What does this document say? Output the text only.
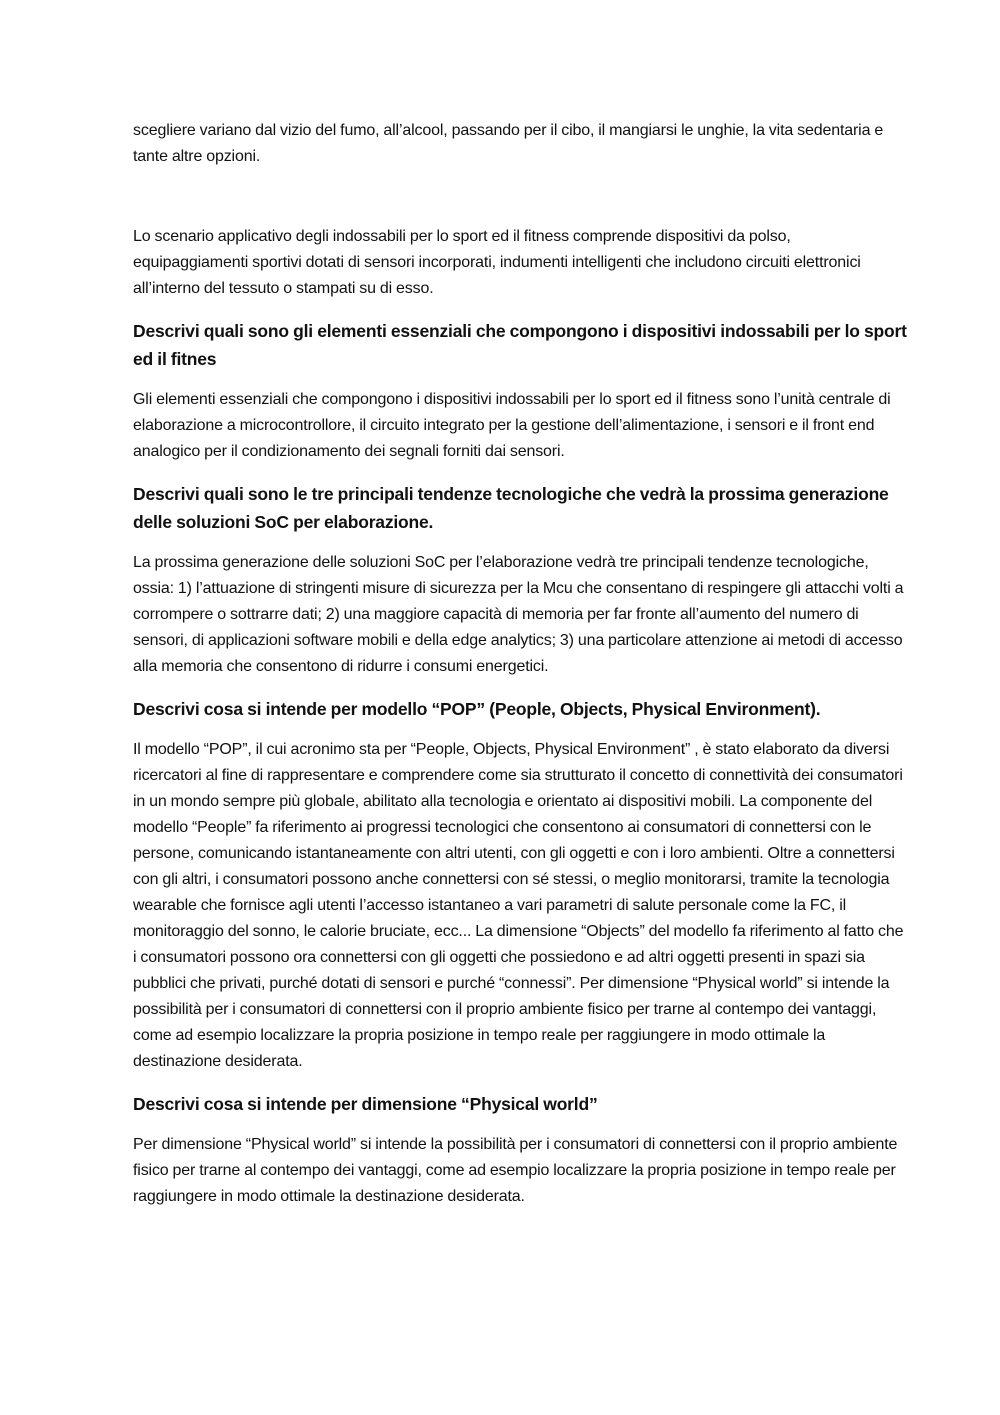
scegliere variano dal vizio del fumo, all’alcool, passando per il cibo, il mangiarsi le unghie, la vita sedentaria e tante altre opzioni.

Lo scenario applicativo degli indossabili per lo sport ed il fitness comprende dispositivi da polso, equipaggiamenti sportivi dotati di sensori incorporati, indumenti intelligenti che includono circuiti elettronici all’interno del tessuto o stampati su di esso.

Descrivi quali sono gli elementi essenziali che compongono i dispositivi indossabili per lo sport ed il fitnes

Gli elementi essenziali che compongono i dispositivi indossabili per lo sport ed il fitness sono l’unità centrale di elaborazione a microcontrollore, il circuito integrato per la gestione dell’alimentazione, i sensori e il front end analogico per il condizionamento dei segnali forniti dai sensori.

Descrivi quali sono le tre principali tendenze tecnologiche che vedrà la prossima generazione delle soluzioni SoC per elaborazione.

La prossima generazione delle soluzioni SoC per l’elaborazione vedrà tre principali tendenze tecnologiche, ossia: 1) l’attuazione di stringenti misure di sicurezza per la Mcu che consentano di respingere gli attacchi volti a corrompere o sottrarre dati; 2) una maggiore capacità di memoria per far fronte all’aumento del numero di sensori, di applicazioni software mobili e della edge analytics; 3) una particolare attenzione ai metodi di accesso alla memoria che consentono di ridurre i consumi energetici.

Descrivi cosa si intende per modello “POP” (People, Objects, Physical Environment).

Il modello “POP”, il cui acronimo sta per “People, Objects, Physical Environment” , è stato elaborato da diversi ricercatori al fine di rappresentare e comprendere come sia strutturato il concetto di connettività dei consumatori in un mondo sempre più globale, abilitato alla tecnologia e orientato ai dispositivi mobili. La componente del modello “People” fa riferimento ai progressi tecnologici che consentono ai consumatori di connettersi con le persone, comunicando istantaneamente con altri utenti, con gli oggetti e con i loro ambienti. Oltre a connettersi con gli altri, i consumatori possono anche connettersi con sé stessi, o meglio monitorarsi, tramite la tecnologia wearable che fornisce agli utenti l’accesso istantaneo a vari parametri di salute personale come la FC, il monitoraggio del sonno, le calorie bruciate, ecc... La dimensione “Objects” del modello fa riferimento al fatto che i consumatori possono ora connettersi con gli oggetti che possiedono e ad altri oggetti presenti in spazi sia pubblici che privati, purché dotati di sensori e purché “connessi”. Per dimensione “Physical world” si intende la possibilità per i consumatori di connettersi con il proprio ambiente fisico per trarne al contempo dei vantaggi, come ad esempio localizzare la propria posizione in tempo reale per raggiungere in modo ottimale la destinazione desiderata.

Descrivi cosa si intende per dimensione “Physical world”

Per dimensione “Physical world” si intende la possibilità per i consumatori di connettersi con il proprio ambiente fisico per trarne al contempo dei vantaggi, come ad esempio localizzare la propria posizione in tempo reale per raggiungere in modo ottimale la destinazione desiderata.
